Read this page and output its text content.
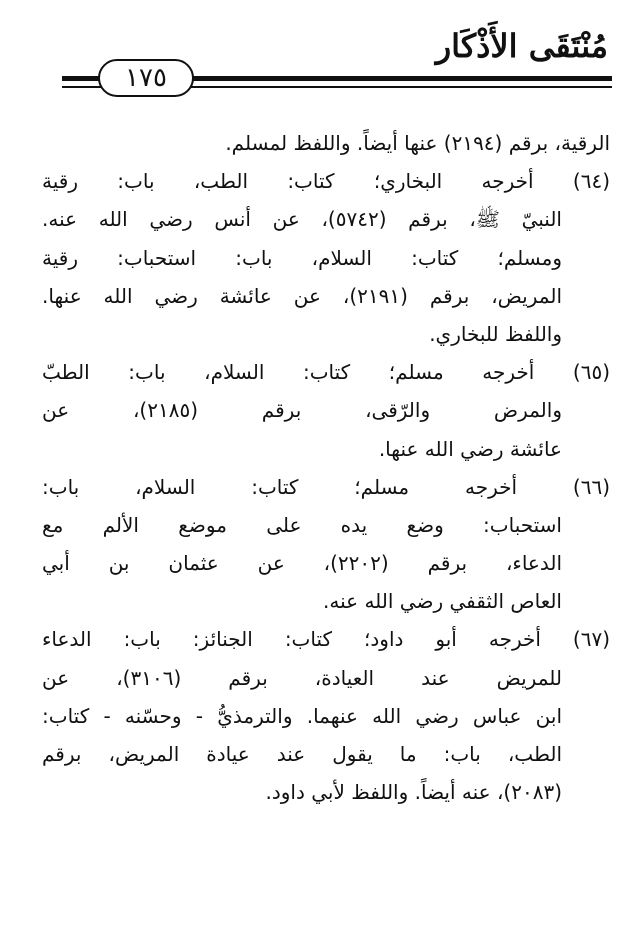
مُنْتَقَى الأَذْكَار
١٧٥
الرقية، برقم (٢١٩٤) عنها أيضاً. واللفظ لمسلم.
(٦٤) أخرجه البخاري؛ كتاب: الطب، باب: رقية
النبيّ ﷺ، برقم (٥٧٤٢)، عن أنس رضي الله عنه.
ومسلم؛ كتاب: السلام، باب: استحباب: رقية
المريض، برقم (٢١٩١)، عن عائشة رضي الله عنها.
واللفظ للبخاري.
(٦٥) أخرجه مسلم؛ كتاب: السلام، باب: الطبّ
والمرض والرّقى، برقم (٢١٨٥)، عن
عائشة رضي الله عنها.
(٦٦) أخرجه مسلم؛ كتاب: السلام، باب:
استحباب: وضع يده على موضع الألم مع
الدعاء، برقم (٢٢٠٢)، عن عثمان بن أبي
العاص الثقفي رضي الله عنه.
(٦٧) أخرجه أبو داود؛ كتاب: الجنائز: باب: الدعاء
للمريض عند العيادة، برقم (٣١٠٦)، عن
ابن عباس رضي الله عنهما. والترمذيُّ - وحسّنه - كتاب:
الطب، باب: ما يقول عند عيادة المريض، برقم
(٢٠٨٣)، عنه أيضاً. واللفظ لأبي داود.
